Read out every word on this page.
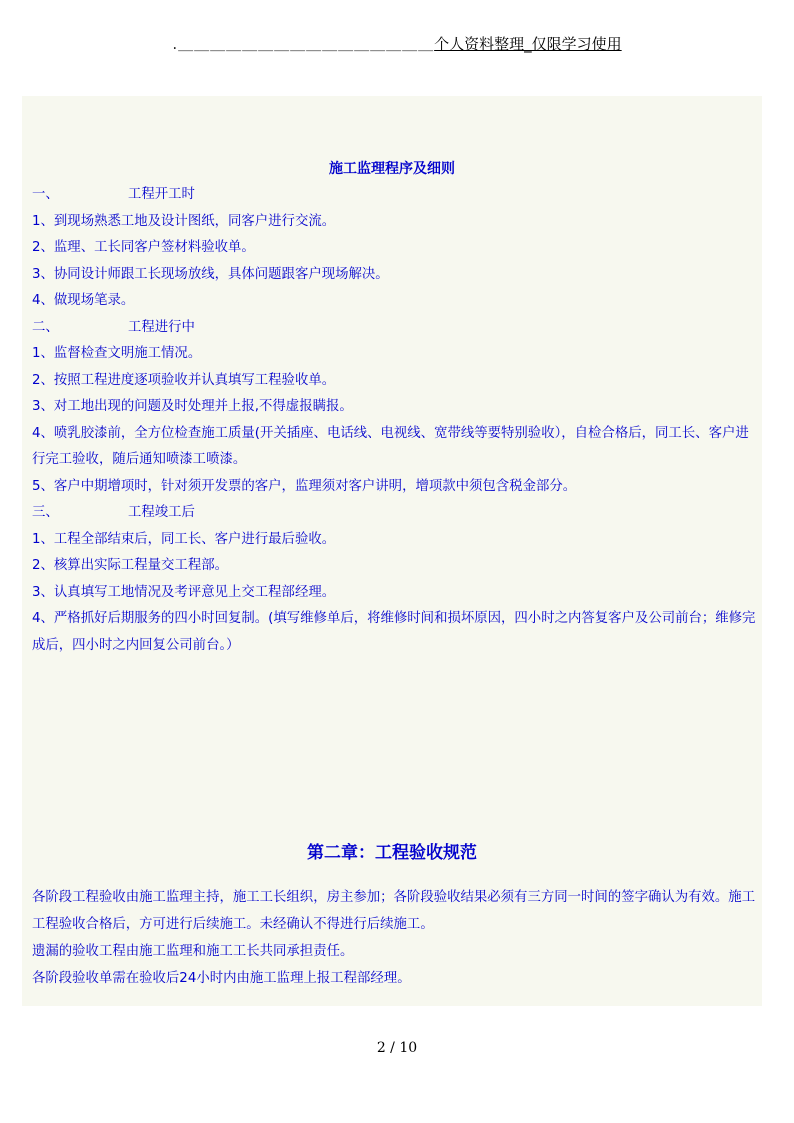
.＿＿＿＿＿＿＿＿＿＿＿＿＿＿＿＿个人资料整理_仅限学习使用
施工监理程序及细则
一、	工程开工时
1、到现场熟悉工地及设计图纸，同客户进行交流。
2、监理、工长同客户签材料验收单。
3、协同设计师跟工长现场放线，具体问题跟客户现场解决。
4、做现场笔录。
二、	工程进行中
1、监督检查文明施工情况。
2、按照工程进度逐项验收并认真填写工程验收单。
3、对工地出现的问题及时处理并上报,不得虚报瞒报。
4、喷乳胶漆前，全方位检查施工质量(开关插座、电话线、电视线、宽带线等要特别验收），自检合格后，同工长、客户进行完工验收，随后通知喷漆工喷漆。
5、客户中期增项时，针对须开发票的客户，监理须对客户讲明，增项款中须包含税金部分。
三、	工程竣工后
1、工程全部结束后，同工长、客户进行最后验收。
2、核算出实际工程量交工程部。
3、认真填写工地情况及考评意见上交工程部经理。
4、严格抓好后期服务的四小时回复制。(填写维修单后，将维修时间和损坏原因，四小时之内答复客户及公司前台；维修完成后，四小时之内回复公司前台。）
第二章：工程验收规范
各阶段工程验收由施工监理主持，施工工长组织，房主参加；各阶段验收结果必须有三方同一时间的签字确认为有效。施工工程验收合格后，方可进行后续施工。未经确认不得进行后续施工。
遗漏的验收工程由施工监理和施工工长共同承担责任。
各阶段验收单需在验收后24小时内由施工监理上报工程部经理。
2 / 10
